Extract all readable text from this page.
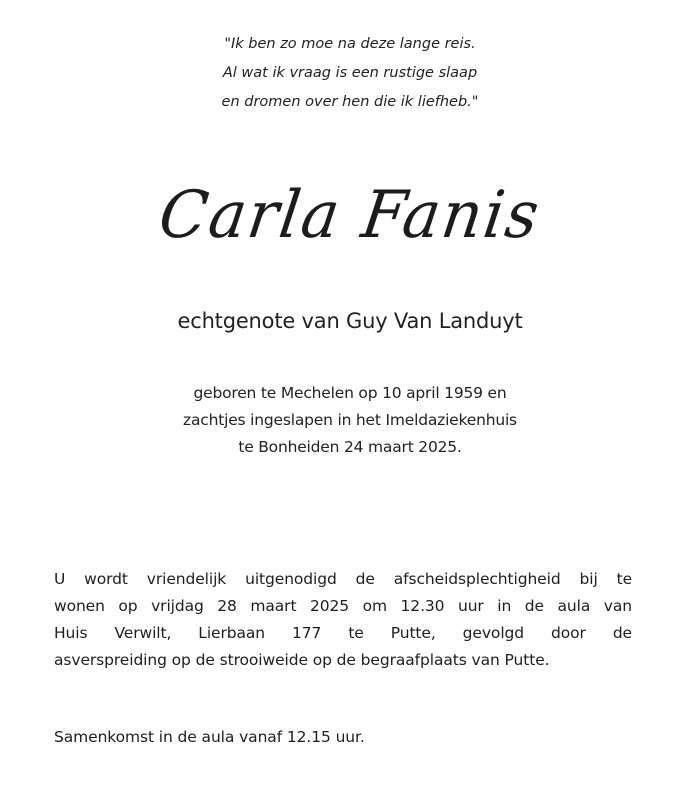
"Ik ben zo moe na deze lange reis.
Al wat ik vraag is een rustige slaap
en dromen over hen die ik liefheb."
Carla Fanis
echtgenote van Guy Van Landuyt
geboren te Mechelen op 10 april 1959 en
zachtjes ingeslapen in het Imeldaziekenhuis
te Bonheiden 24 maart 2025.
U wordt vriendelijk uitgenodigd de afscheidsplechtigheid bij te
wonen op vrijdag 28 maart 2025 om 12.30 uur in de aula van
Huis Verwilt, Lierbaan 177 te Putte, gevolgd door de
asverspreiding op de strooiweide op de begraafplaats van Putte.
Samenkomst in de aula vanaf 12.15 uur.
